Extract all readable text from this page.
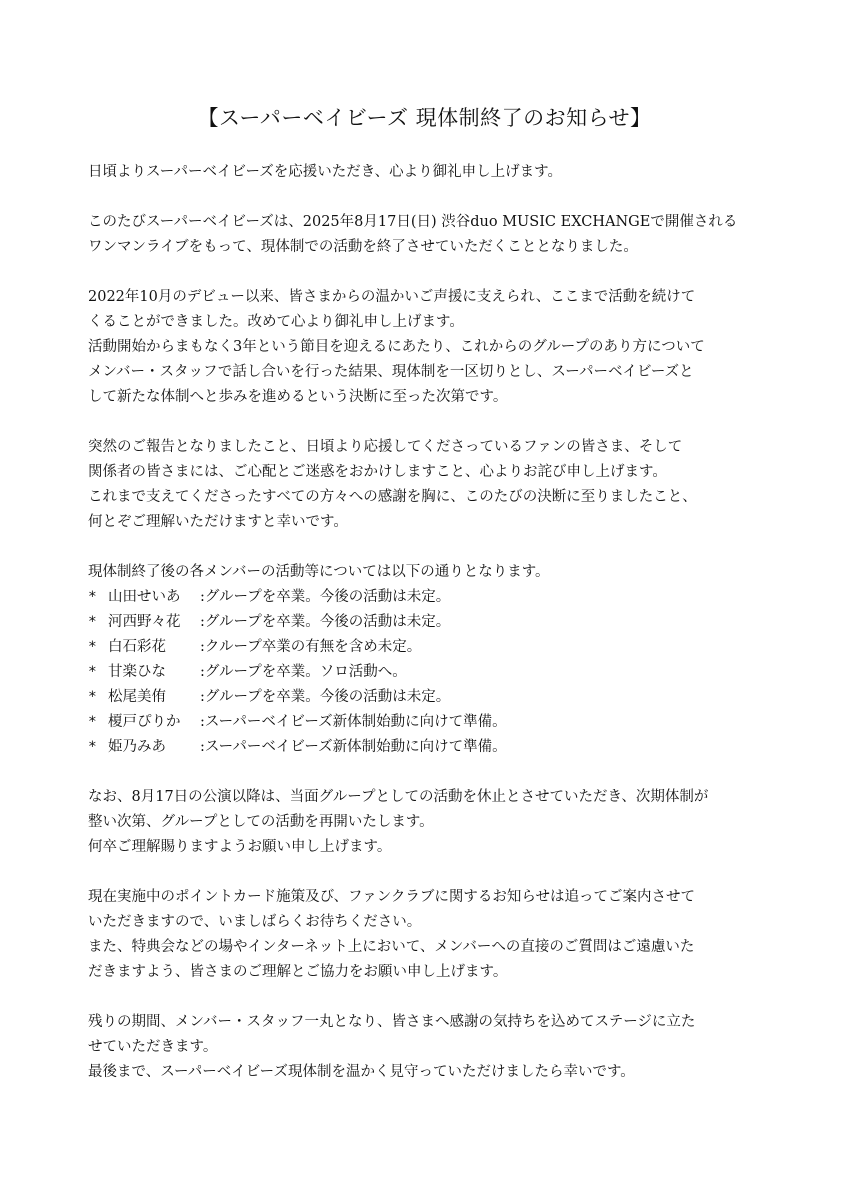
【スーパーベイビーズ 現体制終了のお知らせ】
日頃よりスーパーベイビーズを応援いただき、心より御礼申し上げます。
このたびスーパーベイビーズは、2025年8月17日(日) 渋谷duo MUSIC EXCHANGEで開催される
ワンマンライブをもって、現体制での活動を終了させていただくこととなりました。
2022年10月のデビュー以来、皆さまからの温かいご声援に支えられ、ここまで活動を続けて
くることができました。改めて心より御礼申し上げます。
活動開始からまもなく3年という節目を迎えるにあたり、これからのグループのあり方について
メンバー・スタッフで話し合いを行った結果、現体制を一区切りとし、スーパーベイビーズと
して新たな体制へと歩みを進めるという決断に至った次第です。
突然のご報告となりましたこと、日頃より応援してくださっているファンの皆さま、そして
関係者の皆さまには、ご心配とご迷惑をおかけしますこと、心よりお詫び申し上げます。
これまで支えてくださったすべての方々への感謝を胸に、このたびの決断に至りましたこと、
何とぞご理解いただけますと幸いです。
現体制終了後の各メンバーの活動等については以下の通りとなります。
* 山田せいあ :グループを卒業。今後の活動は未定。
* 河西野々花 :グループを卒業。今後の活動は未定。
* 白石彩花 :クループ卒業の有無を含め未定。
* 甘楽ひな :グループを卒業。ソロ活動へ。
* 松尾美侑 :グループを卒業。今後の活動は未定。
* 榎戸ぴりか :スーパーベイビーズ新体制始動に向けて準備。
* 姫乃みあ :スーパーベイビーズ新体制始動に向けて準備。
なお、8月17日の公演以降は、当面グループとしての活動を休止とさせていただき、次期体制が
整い次第、グループとしての活動を再開いたします。
何卒ご理解賜りますようお願い申し上げます。
現在実施中のポイントカード施策及び、ファンクラブに関するお知らせは追ってご案内させて
いただきますので、いましばらくお待ちください。
また、特典会などの場やインターネット上において、メンバーへの直接のご質問はご遠慮いた
だきますよう、皆さまのご理解とご協力をお願い申し上げます。
残りの期間、メンバー・スタッフ一丸となり、皆さまへ感謝の気持ちを込めてステージに立た
せていただきます。
最後まで、スーパーベイビーズ現体制を温かく見守っていただけましたら幸いです。
